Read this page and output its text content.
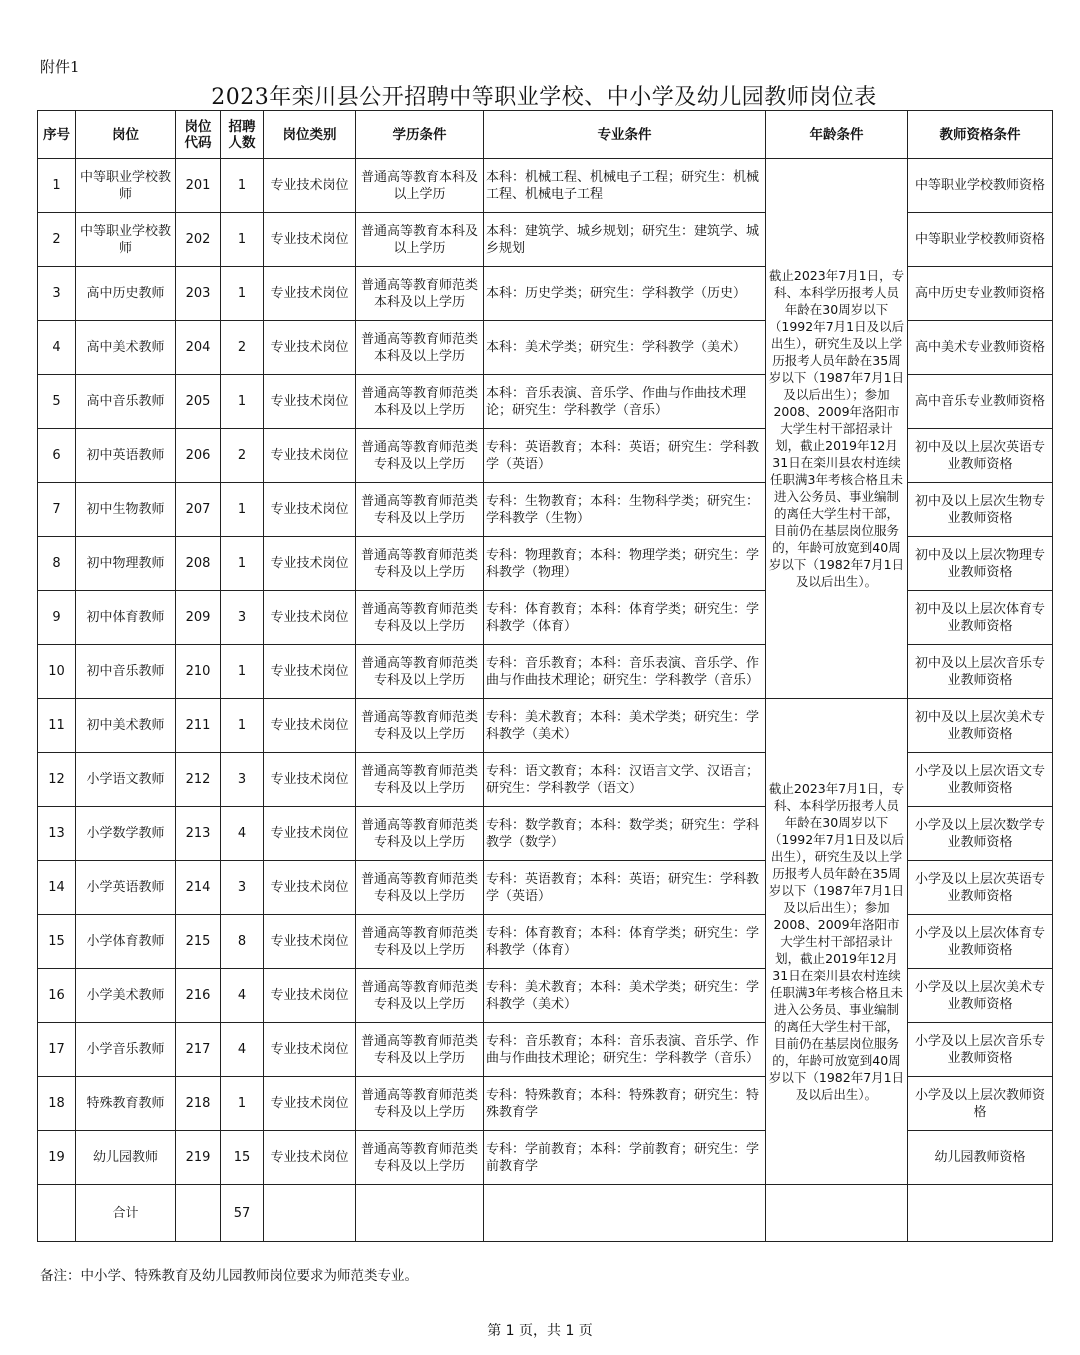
附件1
2023年栾川县公开招聘中等职业学校、中小学及幼儿园教师岗位表
序号	岗位	岗位代码	招聘人数	岗位类别	学历条件	专业条件	年龄条件	教师资格条件
1	中等职业学校教师	201	1	专业技术岗位	普通高等教育本科及以上学历	本科：机械工程、机械电子工程；研究生：机械工程、机械电子工程	截止2023年7月1日，专科、本科学历报考人员年龄在30周岁以下（1992年7月1日及以后出生），研究生及以上学历报考人员年龄在35周岁以下（1987年7月1日及以后出生）；参加2008、2009年洛阳市大学生村干部招录计划，截止2019年12月31日在栾川县农村连续任职满3年考核合格且未进入公务员、事业编制的离任大学生村干部，目前仍在基层岗位服务的，年龄可放宽到40周岁以下（1982年7月1日及以后出生）。	中等职业学校教师资格
2	中等职业学校教师	202	1	专业技术岗位	普通高等教育本科及以上学历	本科：建筑学、城乡规划；研究生：建筑学、城乡规划		中等职业学校教师资格
3	高中历史教师	203	1	专业技术岗位	普通高等教育师范类本科及以上学历	本科：历史学类；研究生：学科教学（历史）		高中历史专业教师资格
4	高中美术教师	204	2	专业技术岗位	普通高等教育师范类本科及以上学历	本科：美术学类；研究生：学科教学（美术）		高中美术专业教师资格
5	高中音乐教师	205	1	专业技术岗位	普通高等教育师范类本科及以上学历	本科：音乐表演、音乐学、作曲与作曲技术理论；研究生：学科教学（音乐）		高中音乐专业教师资格
6	初中英语教师	206	2	专业技术岗位	普通高等教育师范类专科及以上学历	专科：英语教育；本科：英语；研究生：学科教学（英语）		初中及以上层次英语专业教师资格
7	初中生物教师	207	1	专业技术岗位	普通高等教育师范类专科及以上学历	专科：生物教育；本科：生物科学类；研究生：学科教学（生物）		初中及以上层次生物专业教师资格
8	初中物理教师	208	1	专业技术岗位	普通高等教育师范类专科及以上学历	专科：物理教育；本科：物理学类；研究生：学科教学（物理）		初中及以上层次物理专业教师资格
9	初中体育教师	209	3	专业技术岗位	普通高等教育师范类专科及以上学历	专科：体育教育；本科：体育学类；研究生：学科教学（体育）		初中及以上层次体育专业教师资格
10	初中音乐教师	210	1	专业技术岗位	普通高等教育师范类专科及以上学历	专科：音乐教育；本科：音乐表演、音乐学、作曲与作曲技术理论；研究生：学科教学（音乐）		初中及以上层次音乐专业教师资格
11	初中美术教师	211	1	专业技术岗位	普通高等教育师范类专科及以上学历	专科：美术教育；本科：美术学类；研究生：学科教学（美术）	截止2023年7月1日，专科、本科学历报考人员年龄在30周岁以下（1992年7月1日及以后出生），研究生及以上学历报考人员年龄在35周岁以下（1987年7月1日及以后出生）；参加2008、2009年洛阳市大学生村干部招录计划，截止2019年12月31日在栾川县农村连续任职满3年考核合格且未进入公务员、事业编制的离任大学生村干部，目前仍在基层岗位服务的，年龄可放宽到40周岁以下（1982年7月1日及以后出生）。	初中及以上层次美术专业教师资格
12	小学语文教师	212	3	专业技术岗位	普通高等教育师范类专科及以上学历	专科：语文教育；本科：汉语言文学、汉语言；研究生：学科教学（语文）		小学及以上层次语文专业教师资格
13	小学数学教师	213	4	专业技术岗位	普通高等教育师范类专科及以上学历	专科：数学教育；本科：数学类；研究生：学科教学（数学）		小学及以上层次数学专业教师资格
14	小学英语教师	214	3	专业技术岗位	普通高等教育师范类专科及以上学历	专科：英语教育；本科：英语；研究生：学科教学（英语）		小学及以上层次英语专业教师资格
15	小学体育教师	215	8	专业技术岗位	普通高等教育师范类专科及以上学历	专科：体育教育；本科：体育学类；研究生：学科教学（体育）		小学及以上层次体育专业教师资格
16	小学美术教师	216	4	专业技术岗位	普通高等教育师范类专科及以上学历	专科：美术教育；本科：美术学类；研究生：学科教学（美术）		小学及以上层次美术专业教师资格
17	小学音乐教师	217	4	专业技术岗位	普通高等教育师范类专科及以上学历	专科：音乐教育；本科：音乐表演、音乐学、作曲与作曲技术理论；研究生：学科教学（音乐）		小学及以上层次音乐专业教师资格
18	特殊教育教师	218	1	专业技术岗位	普通高等教育师范类专科及以上学历	专科：特殊教育；本科：特殊教育；研究生：特殊教育学		小学及以上层次教师资格
19	幼儿园教师	219	15	专业技术岗位	普通高等教育师范类专科及以上学历	专科：学前教育；本科：学前教育；研究生：学前教育学		幼儿园教师资格
	合计		57					
备注：中小学、特殊教育及幼儿园教师岗位要求为师范类专业。
第 1 页，共 1 页
